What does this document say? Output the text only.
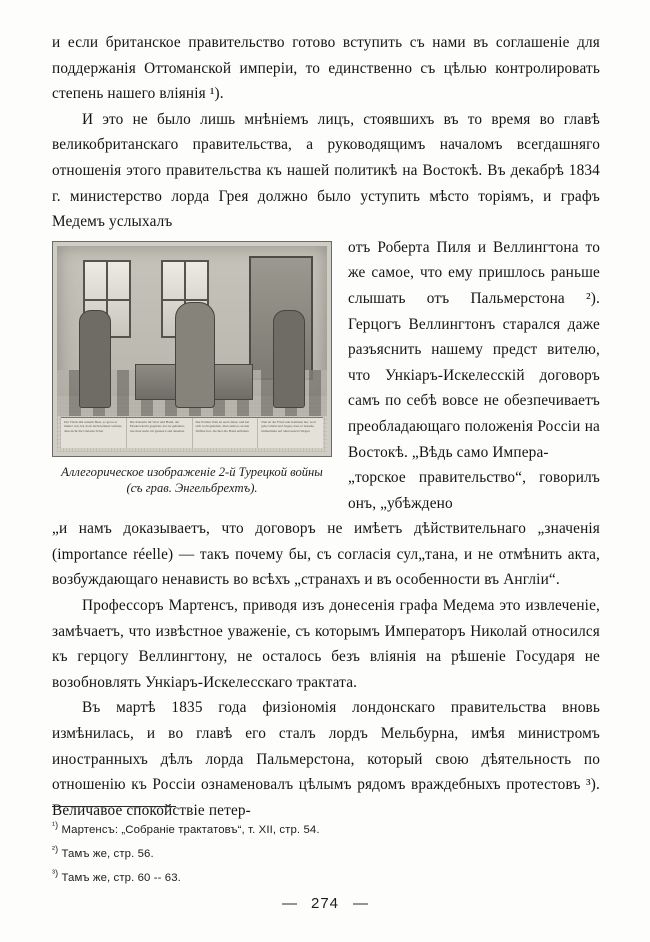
и если британское правительство готово вступить съ нами въ соглашеніе для поддержанія Оттоманской имперіи, то единственно съ цѣлью контролировать степень нашего вліянія ¹).

И это не было лишь мнѣніемъ лицъ, стоявшихъ въ то время во главѣ великобританскаго правительства, а руководящимъ началомъ всегдашняго отношенія этого правительства къ нашей политикѣ на Востокѣ. Въ декабрѣ 1834 г. министерство лорда Грея должно было уступить мѣсто торіямъ, и графъ Медемъ услыхалъ

Der Türck mit seinem Heer, so gross er immer war, hat doch nicht können wehren, dass nicht die Christen Schar
Die Kaiserin ihr Wort und Hand, der Moskowiterin gegeben, hat sie gehalten, wie man sieht, im ganzen Land daneben
Der Pohlen Volk ist auch dabei, und hat sich wohl gehalten, man sieht es an den Waffen frei, die hier die Hand entfalten
Nun ist der Fried nun kommen her, Gott gebe Glück und Segen, dass er bestehe immermehr auf allen unsern Wegen
Аллегорическое изображеніе 2-й Турецкой войны
(съ грав. Энгельбрехтъ).

отъ Роберта Пиля и Веллингтона то же самое, что ему пришлось раньше слышать отъ Пальмерстона ²). Герцогъ Веллингтонъ старался даже разъяснить нашему предст вителю, что Ункіаръ-Искелесскій договоръ самъ по себѣ вовсе не обезпечиваетъ преобладающаго положенія Россіи на Востокѣ. „Вѣдь само Импера-

„торское правительство“, говорилъ онъ, „убѣждено

„и намъ доказываетъ, что договоръ не имѣетъ дѣйствительнаго „значенія (importance réelle) — такъ почему бы, съ согласія сул„тана, и не отмѣнить акта, возбуждающаго ненависть во всѣхъ „странахъ и въ особенности въ Англіи“.

Профессоръ Мартенсъ, приводя изъ донесенія графа Медема это извлеченіе, замѣчаетъ, что извѣстное уваженіе, съ которымъ Императоръ Николай относился къ герцогу Веллингтону, не осталось безъ вліянія на рѣшеніе Государя не возобновлять Ункіаръ-Искелесскаго трактата.

Въ мартѣ 1835 года физіономія лондонскаго правительства вновь измѣнилась, и во главѣ его сталъ лордъ Мельбурна, имѣя министромъ иностранныхъ дѣлъ лорда Пальмерстона, который свою дѣятельность по отношенію къ Россіи ознаменовалъ цѣлымъ рядомъ враждебныхъ протестовъ ³). Величавое спокойствіе петер-

$^{^1)}$ Мартенсъ: „Собраніе трактатовъ“, т. XII, стр. 54.
$^{^2)}$ Тамъ же, стр. 56.
$^{^3)}$ Тамъ же, стр. 60 -- 63.
— 274 —
